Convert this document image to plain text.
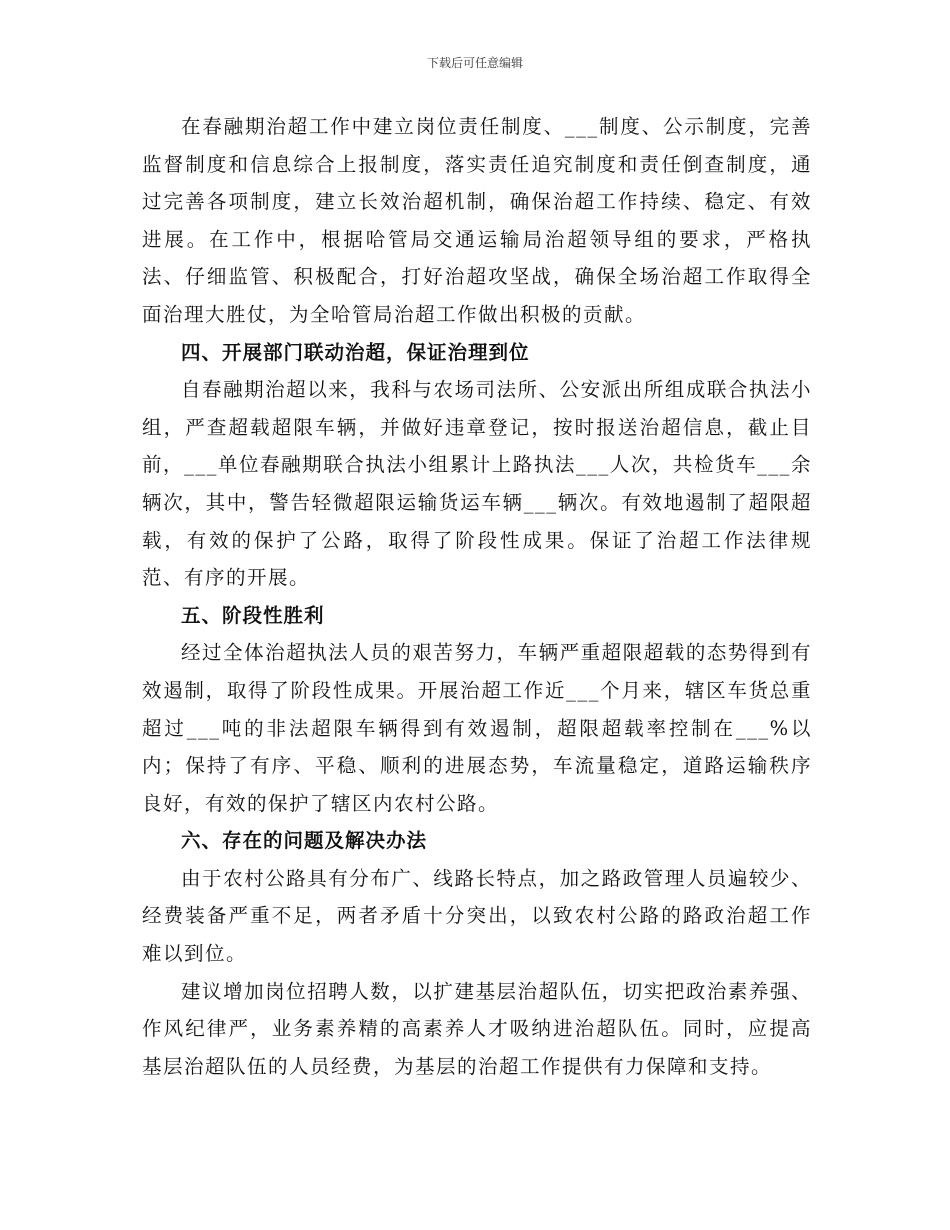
下载后可任意编辑

在春融期治超工作中建立岗位责任制度、___制度、公示制度，完善监督制度和信息综合上报制度，落实责任追究制度和责任倒查制度，通过完善各项制度，建立长效治超机制，确保治超工作持续、稳定、有效进展。在工作中，根据哈管局交通运输局治超领导组的要求，严格执法、仔细监管、积极配合，打好治超攻坚战，确保全场治超工作取得全面治理大胜仗，为全哈管局治超工作做出积极的贡献。

四、开展部门联动治超，保证治理到位

自春融期治超以来，我科与农场司法所、公安派出所组成联合执法小组，严查超载超限车辆，并做好违章登记，按时报送治超信息，截止目前，___单位春融期联合执法小组累计上路执法___人次，共检货车___余辆次，其中，警告轻微超限运输货运车辆___辆次。有效地遏制了超限超载，有效的保护了公路，取得了阶段性成果。保证了治超工作法律规范、有序的开展。

五、阶段性胜利

经过全体治超执法人员的艰苦努力，车辆严重超限超载的态势得到有效遏制，取得了阶段性成果。开展治超工作近___个月来，辖区车货总重超过___吨的非法超限车辆得到有效遏制，超限超载率控制在___%以内；保持了有序、平稳、顺利的进展态势，车流量稳定，道路运输秩序良好，有效的保护了辖区内农村公路。

六、存在的问题及解决办法

由于农村公路具有分布广、线路长特点，加之路政管理人员遍较少、经费装备严重不足，两者矛盾十分突出，以致农村公路的路政治超工作难以到位。

建议增加岗位招聘人数，以扩建基层治超队伍，切实把政治素养强、作风纪律严，业务素养精的高素养人才吸纳进治超队伍。同时，应提高基层治超队伍的人员经费，为基层的治超工作提供有力保障和支持。
